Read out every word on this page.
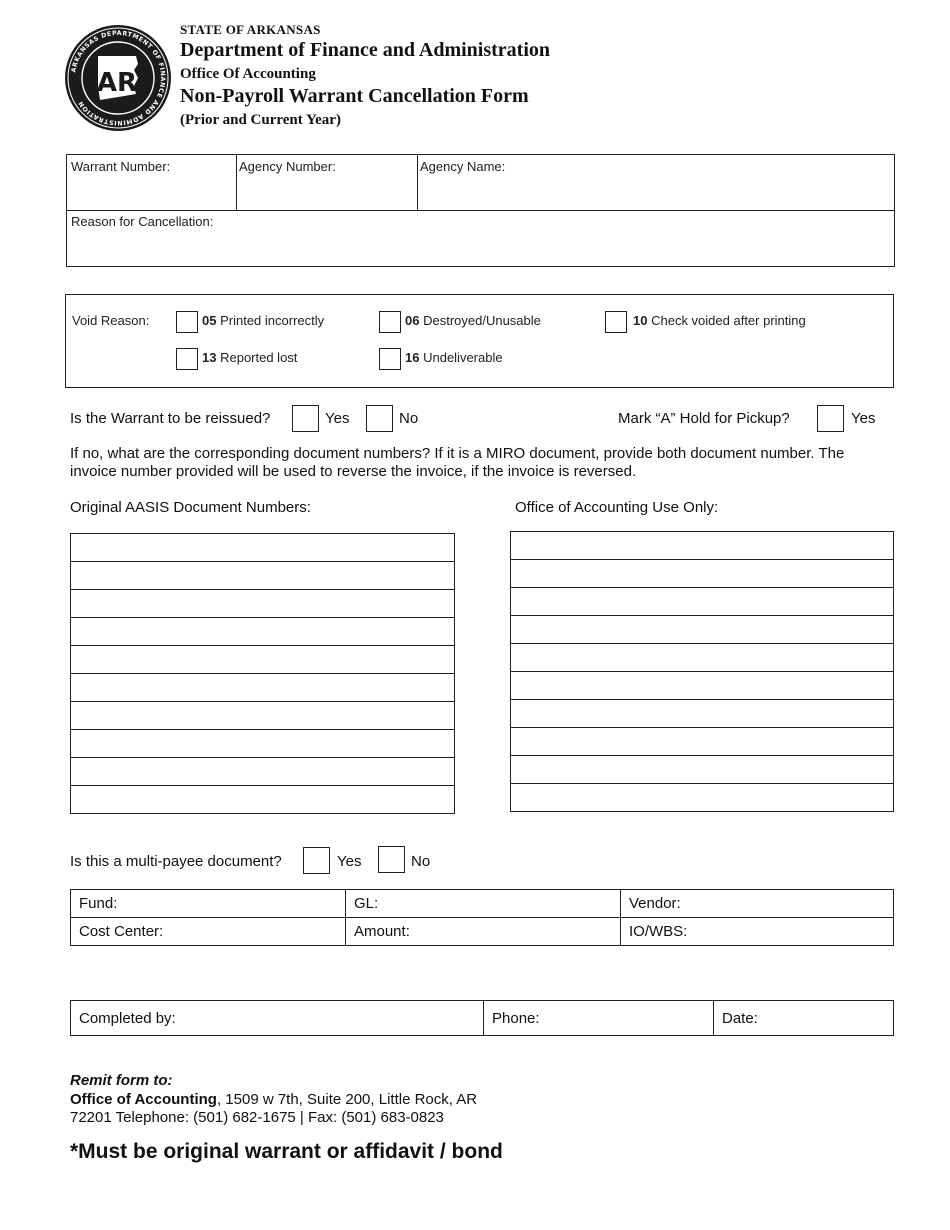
ARKANSAS DEPARTMENT OF FINANCE AND ADMINISTRATION
AR
STATE OF ARKANSAS
Department of Finance and Administration
Office Of Accounting
Non-Payroll Warrant Cancellation Form
(Prior and Current Year)
Warrant Number:	Agency Number:	Agency Name:
Reason for Cancellation:
Void Reason:	05 Printed incorrectly	06 Destroyed/Unusable	10 Check voided after printing
13 Reported lost	16 Undeliverable
Is the Warrant to be reissued?	Yes	No	Mark “A” Hold for Pickup?	Yes
If no, what are the corresponding document numbers? If it is a MIRO document, provide both document number. The invoice number provided will be used to reverse the invoice, if the invoice is reversed.
Original AASIS Document Numbers:	Office of Accounting Use Only:

Is this a multi-payee document?	Yes	No
Fund:	GL:	Vendor:
Cost Center:	Amount:	IO/WBS:
Completed by:	Phone:	Date:
Remit form to:
Office of Accounting, 1509 w 7th, Suite 200, Little Rock, AR
72201 Telephone: (501) 682-1675 | Fax: (501) 683-0823
*Must be original warrant or affidavit / bond
